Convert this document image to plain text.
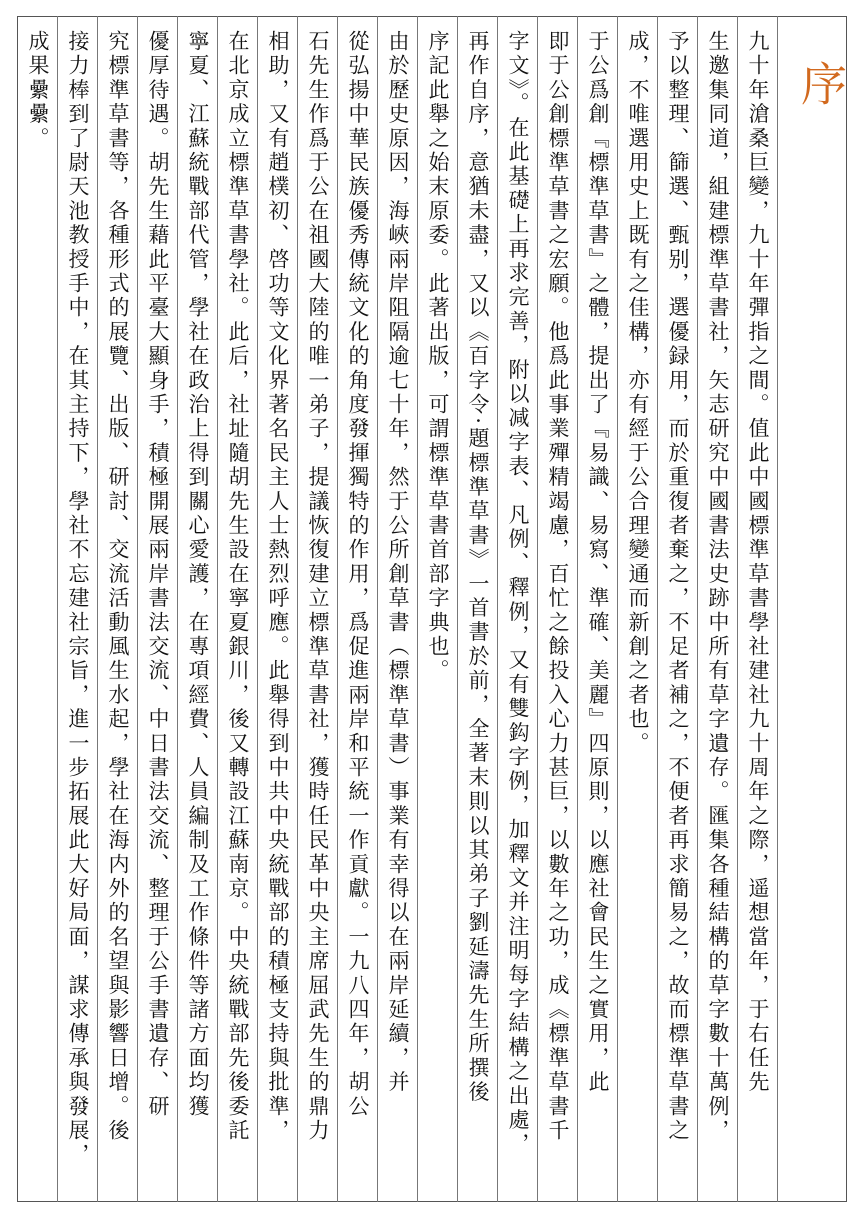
序
九十年滄桑巨變，九十年彈指之間。值此中國標準草書學社建社九十周年之際，遥想當年，于右任先
生邀集同道，組建標準草書社，矢志研究中國書法史跡中所有草字遺存。匯集各種結構的草字數十萬例，
予以整理、篩選、甄别，選優録用，而於重復者棄之，不足者補之，不便者再求簡易之，故而標準草書之
成，不唯選用史上既有之佳構，亦有經于公合理變通而新創之者也。
于公爲創『標準草書』之體，提出了『易識、易寫、準確、美麗』四原則，以應社會民生之實用，此
即于公創標準草書之宏願。他爲此事業殫精竭慮，百忙之餘投入心力甚巨，以數年之功，成《標準草書千
字文》。在此基礎上再求完善，附以减字表、凡例、釋例，又有雙鈎字例，加釋文并注明每字結構之出處，
再作自序，意猶未盡，又以《百字令·題標準草書》一首書於前，全著末則以其弟子劉延濤先生所撰後
序記此舉之始末原委。此著出版，可謂標準草書首部字典也。
由於歷史原因，海峽兩岸阻隔逾七十年，然于公所創草書（標準草書）事業有幸得以在兩岸延續，并
從弘揚中華民族優秀傳統文化的角度發揮獨特的作用，爲促進兩岸和平統一作貢獻。一九八四年，胡公
石先生作爲于公在祖國大陸的唯一弟子，提議恢復建立標準草書社，獲時任民革中央主席屈武先生的鼎力
相助，又有趙樸初、啓功等文化界著名民主人士熱烈呼應。此舉得到中共中央統戰部的積極支持與批準，
在北京成立標準草書學社。此后，社址隨胡先生設在寧夏銀川，後又轉設江蘇南京。中央統戰部先後委託
寧夏、江蘇統戰部代管，學社在政治上得到關心愛護，在專項經費、人員編制及工作條件等諸方面均獲
優厚待遇。胡先生藉此平臺大顯身手，積極開展兩岸書法交流、中日書法交流、整理于公手書遺存、研
究標準草書等，各種形式的展覽、出版、研討、交流活動風生水起，學社在海内外的名望與影響日增。後
接力棒到了尉天池教授手中，在其主持下，學社不忘建社宗旨，進一步拓展此大好局面，謀求傳承與發展，
成果纍纍。
